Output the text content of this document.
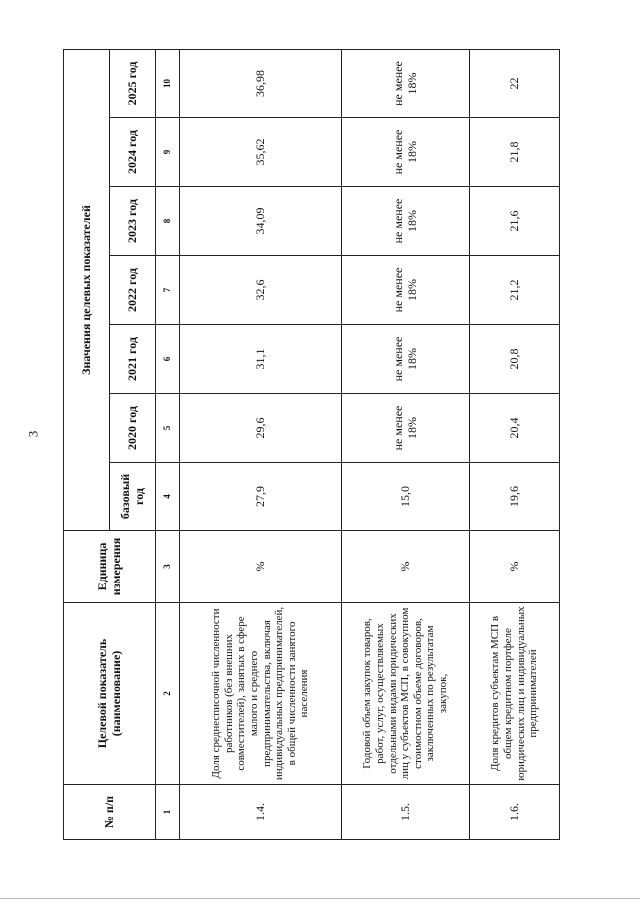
3
№ п/п	Целевой показатель (наименование)	Единица измерения	Значения целевых показателей						
			базовый год	2020 год	2021 год	2022 год	2023 год	2024 год	2025 год
1	2	3	4	5	6	7	8	9	10
1.4.	Доля среднесписочной численности работников (без внешних совместителей), занятых в сфере малого и среднего предпринимательства, включая индивидуальных предпринимателей, в общей численности занятого населения	%	27,9	29,6	31,1	32,6	34,09	35,62	36,98
1.5.	Годовой объем закупок товаров, работ, услуг, осуществляемых отдельными видами юридических лиц у субъектов МСП, в совокупном стоимостном объеме договоров, заключенных по результатам закупок,	%	15,0	не менее 18%	не менее 18%	не менее 18%	не менее 18%	не менее 18%	не менее 18%
1.6.	Доля кредитов субъектам МСП в общем кредитном портфеле юридических лиц и индивидуальных предпринимателей	%	19,6	20,4	20,8	21,2	21,6	21,8	22
